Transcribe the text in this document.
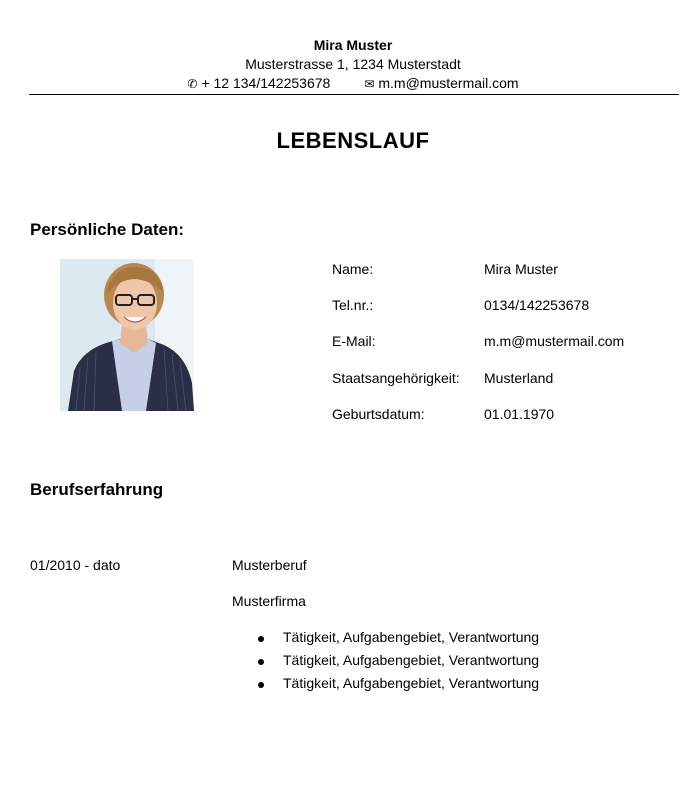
Mira Muster
Musterstrasse 1, 1234 Musterstadt
✆ + 12 134/142253678	✉ m.m@mustermail.com
LEBENSLAUF
Persönliche Daten:
Name:	Mira Muster
Tel.nr.:	0134/142253678
E-Mail:	m.m@mustermail.com
Staatsangehörigkeit: Musterland
Geburtsdatum:	01.01.1970
Berufserfahrung
01/2010 - dato	Musterberuf
Musterfirma
Tätigkeit, Aufgabengebiet, Verantwortung
Tätigkeit, Aufgabengebiet, Verantwortung
Tätigkeit, Aufgabengebiet, Verantwortung
